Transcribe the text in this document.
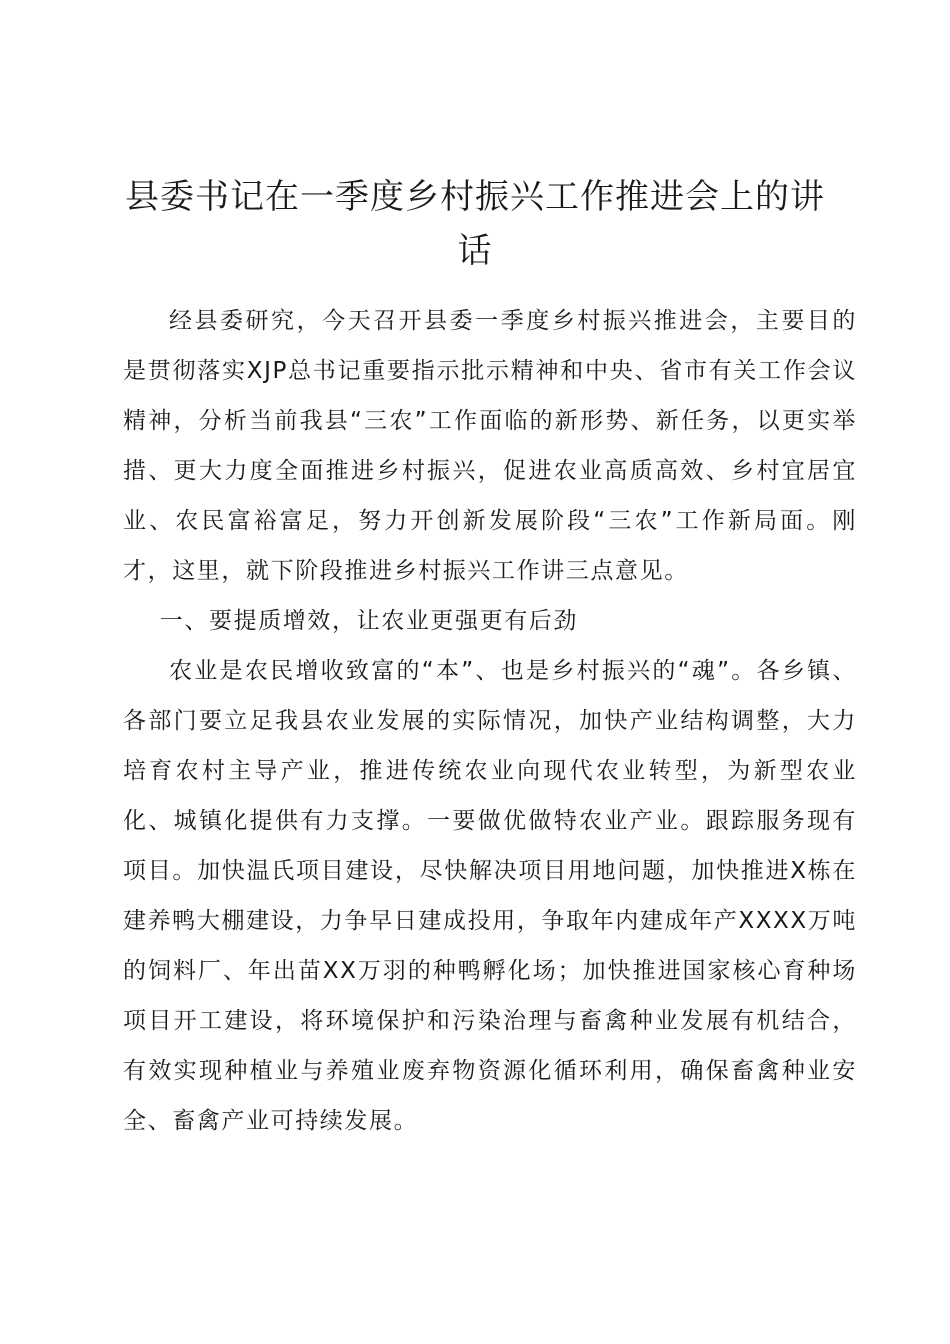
县委书记在一季度乡村振兴工作推进会上的讲话

经县委研究，今天召开县委一季度乡村振兴推进会，主要目的是贯彻落实XJP总书记重要指示批示精神和中央、省市有关工作会议精神，分析当前我县“三农”工作面临的新形势、新任务，以更实举措、更大力度全面推进乡村振兴，促进农业高质高效、乡村宜居宜业、农民富裕富足，努力开创新发展阶段“三农”工作新局面。刚才，这里，就下阶段推进乡村振兴工作讲三点意见。

一、要提质增效，让农业更强更有后劲

农业是农民增收致富的“本”、也是乡村振兴的“魂”。各乡镇、各部门要立足我县农业发展的实际情况，加快产业结构调整，大力培育农村主导产业，推进传统农业向现代农业转型，为新型农业化、城镇化提供有力支撑。一要做优做特农业产业。跟踪服务现有项目。加快温氏项目建设，尽快解决项目用地问题，加快推进X栋在建养鸭大棚建设，力争早日建成投用，争取年内建成年产XXXX万吨的饲料厂、年出苗XX万羽的种鸭孵化场；加快推进国家核心育种场项目开工建设，将环境保护和污染治理与畜禽种业发展有机结合，有效实现种植业与养殖业废弃物资源化循环利用，确保畜禽种业安全、畜禽产业可持续发展。
